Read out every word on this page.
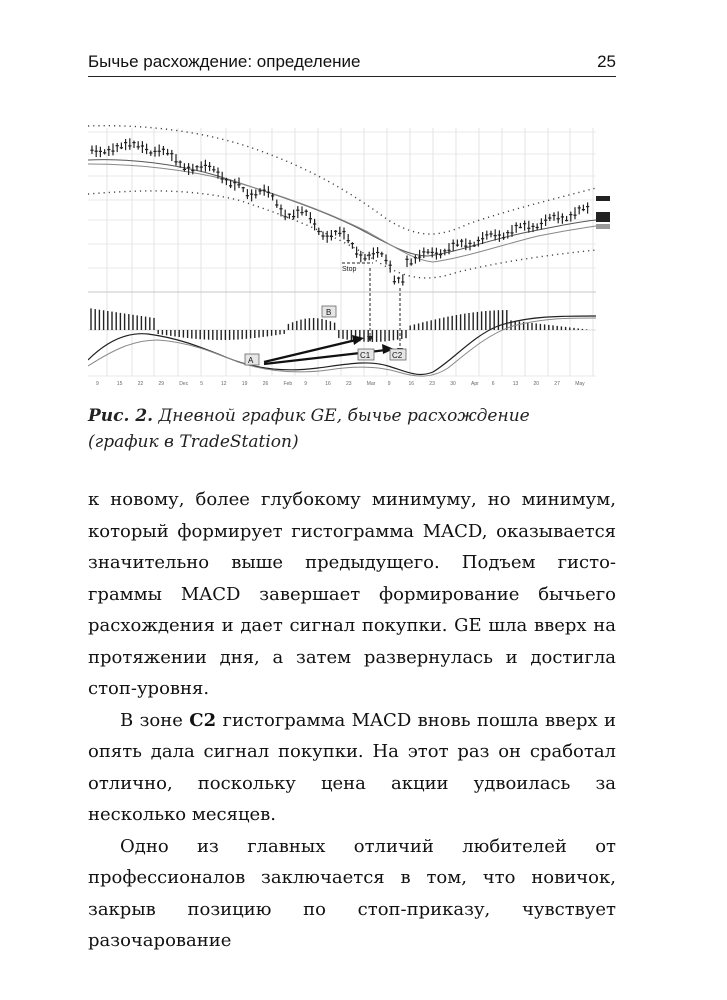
Бычье расхождение: определение	25
Stop
A
B
C1	C2
9	15	22	29	Dec 5	12	19	26	Feb 9	16	23	Mar 9	16	23	30	Apr	6	13	20	27	May
Рис. 2. Дневной график GE, бычье расхождение
(график в TradeStation)

к новому, более глубокому минимуму, но минимум, который формирует гистограмма MACD, оказывается значительно выше предыдущего. Подъем гистограммы MACD завершает формирование бычьего расхождения и дает сигнал покупки. GE шла вверх на протяжении дня, а затем развернулась и достигла стоп-уровня.

В зоне C2 гистограмма MACD вновь пошла вверх и опять дала сигнал покупки. На этот раз он сработал отлично, поскольку цена акции удвоилась за несколько месяцев.

Одно из главных отличий любителей от профессионалов заключается в том, что новичок, закрыв позицию по стоп-приказу, чувствует разочарование
